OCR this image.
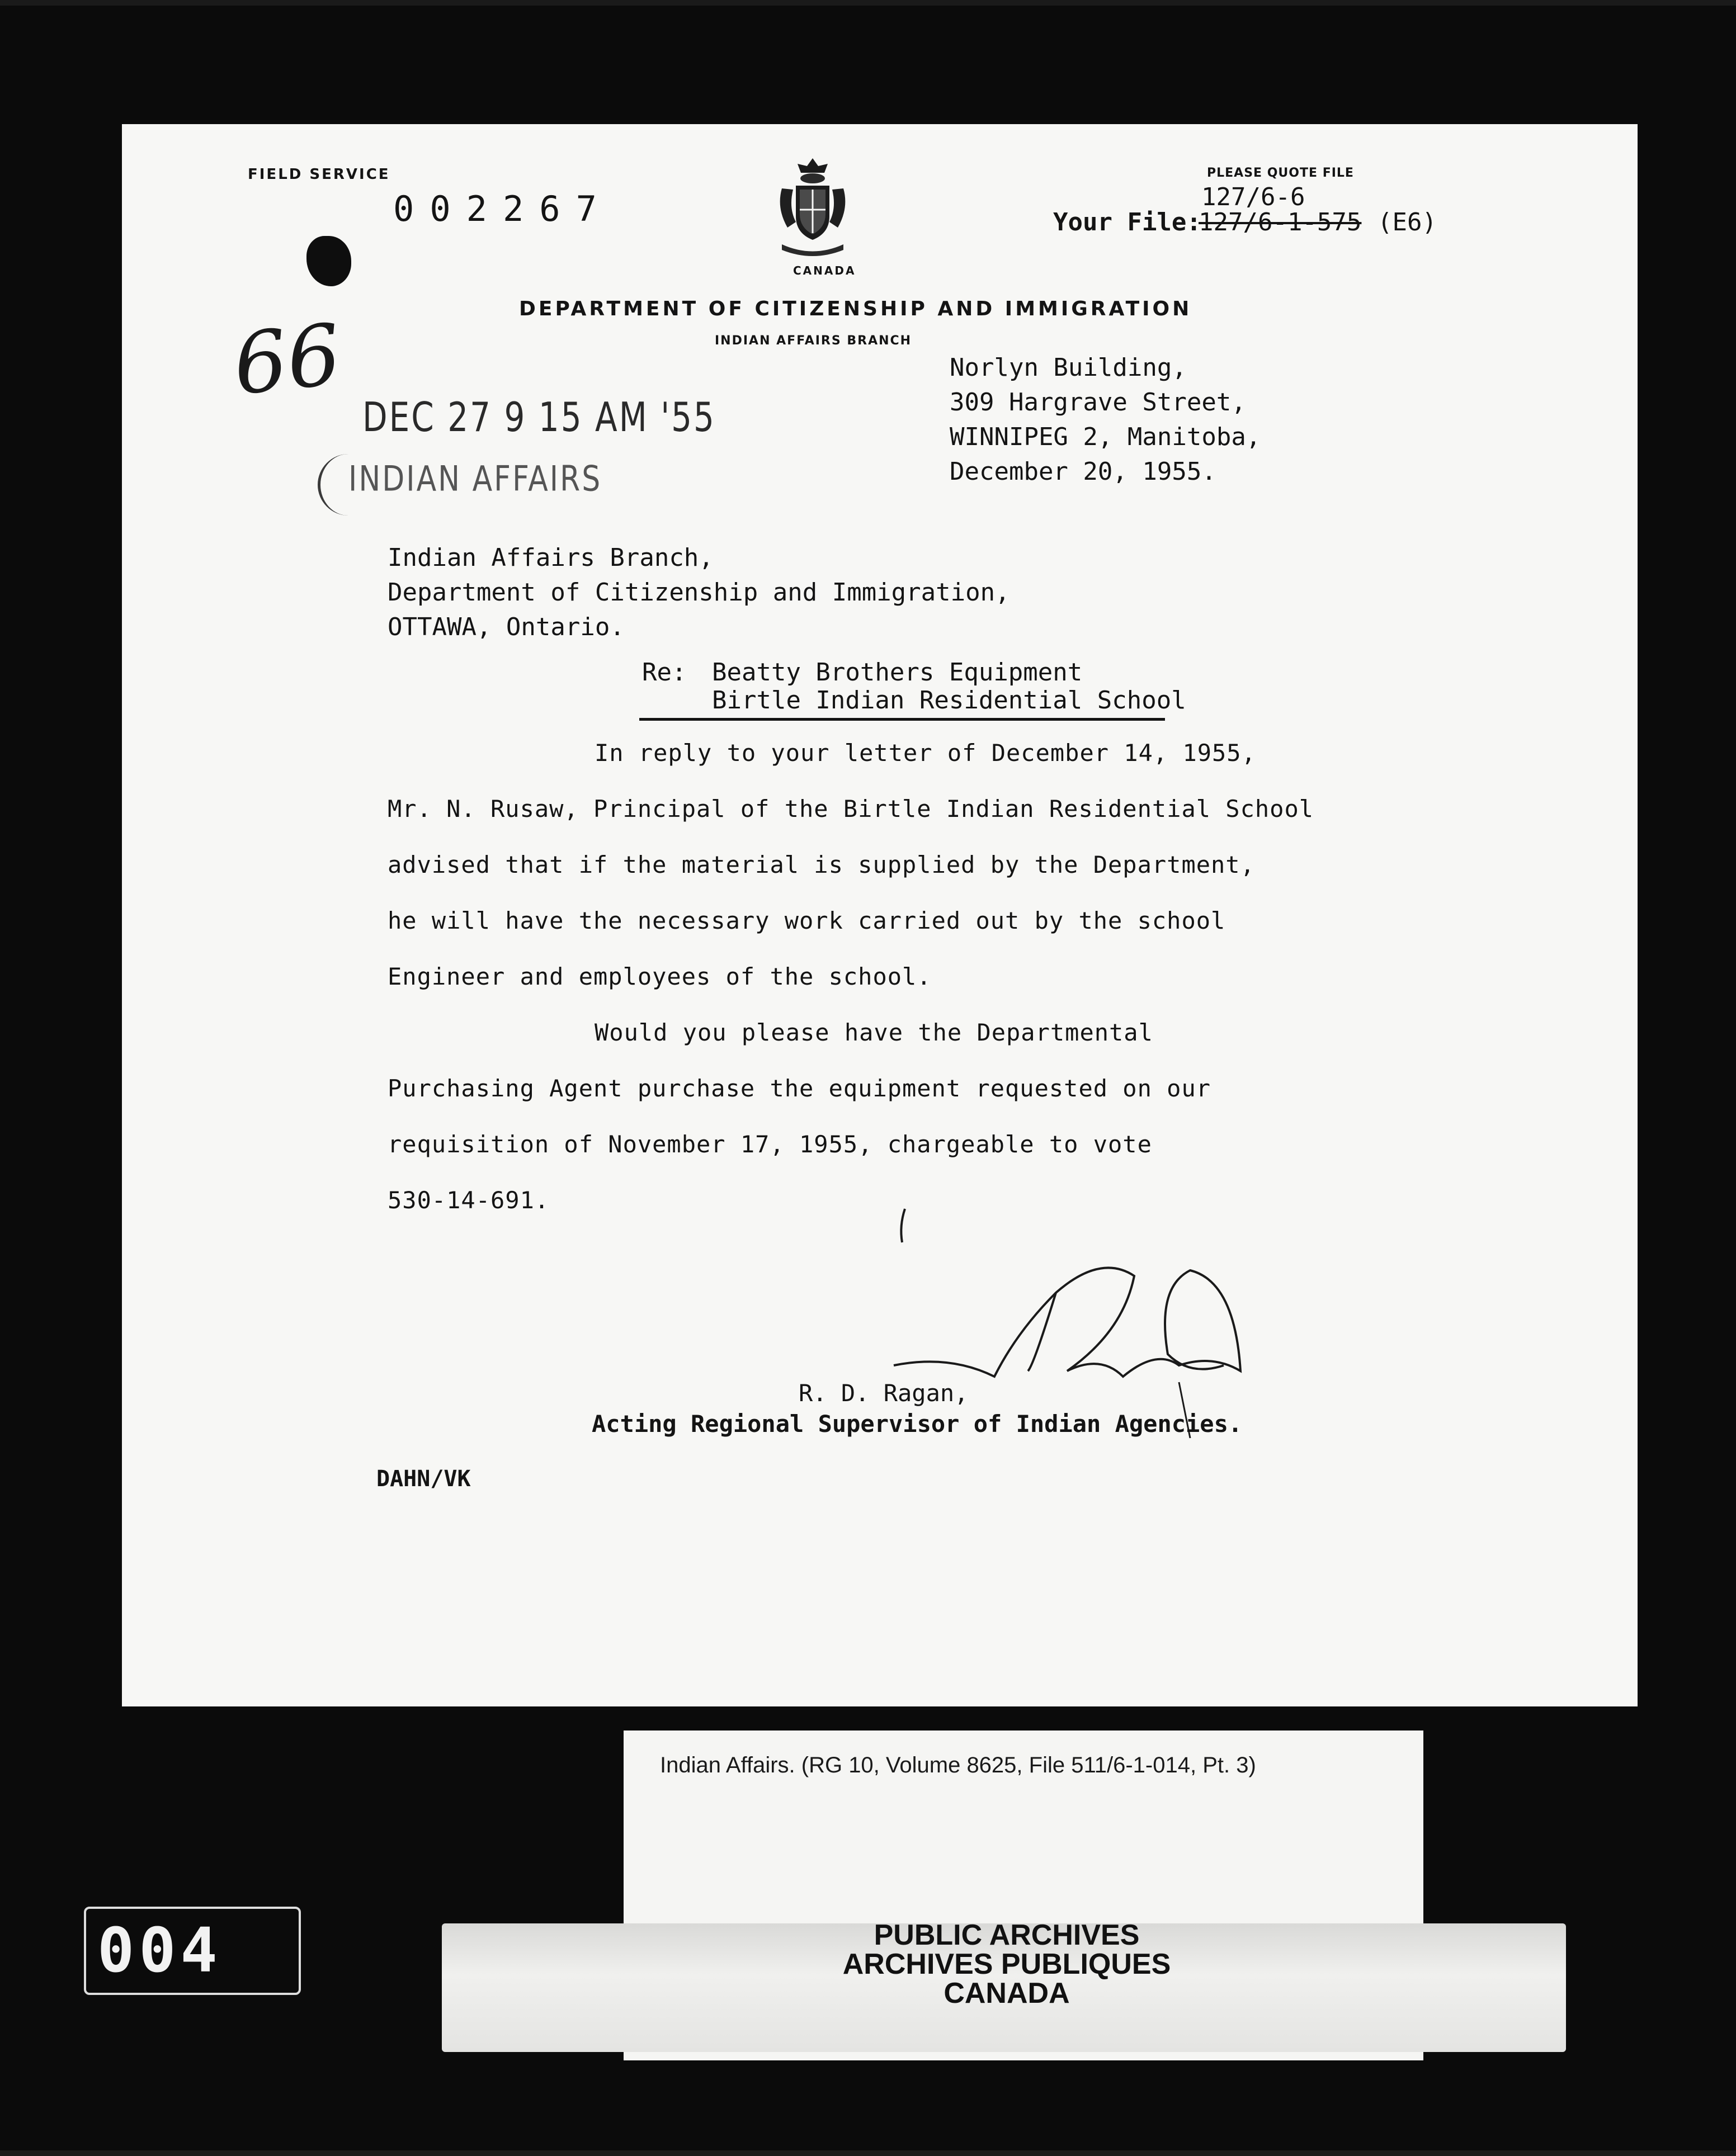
FIELD SERVICE
002267
CANADA
PLEASE QUOTE FILE
127/6-6
Your File:
127/6-1-575 (E6)
DEPARTMENT OF CITIZENSHIP AND IMMIGRATION
INDIAN AFFAIRS BRANCH
66
DEC 27 9 15 AM '55
INDIAN AFFAIRS
Norlyn Building,
309 Hargrave Street,
WINNIPEG 2, Manitoba,
December 20, 1955.
Indian Affairs Branch,
Department of Citizenship and Immigration,
OTTAWA, Ontario.
Re: Beatty Brothers Equipment
Birtle Indian Residential School
In reply to your letter of December 14, 1955,
Mr. N. Rusaw, Principal of the Birtle Indian Residential School
advised that if the material is supplied by the Department,
he will have the necessary work carried out by the school
Engineer and employees of the school.
Would you please have the Departmental
Purchasing Agent purchase the equipment requested on our
requisition of November 17, 1955, chargeable to vote
530-14-691.
R. D. Ragan,
Acting Regional Supervisor of Indian Agencies.
DAHN/VK
Indian Affairs. (RG 10, Volume 8625, File 511/6-1-014, Pt. 3)
PUBLIC ARCHIVES
ARCHIVES PUBLIQUES
CANADA
004
